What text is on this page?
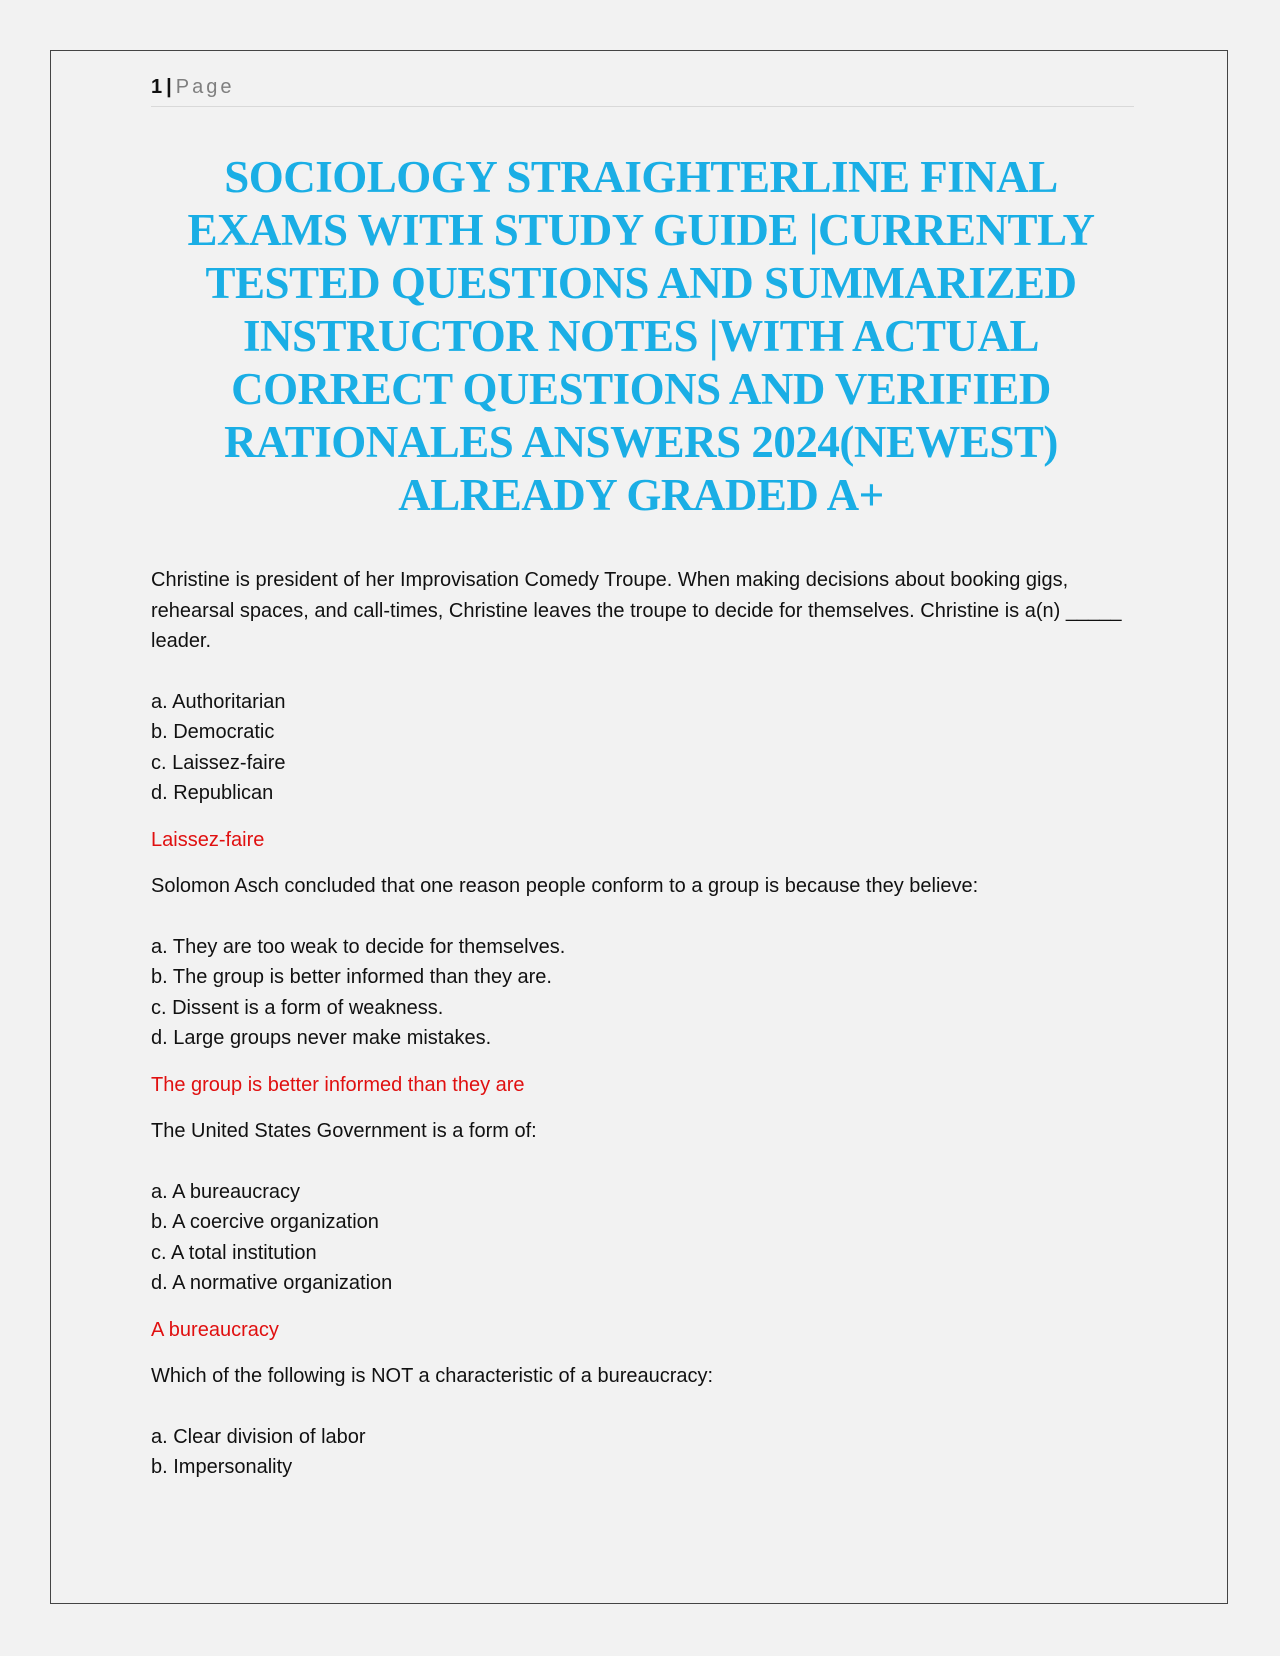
1 | Page
SOCIOLOGY STRAIGHTERLINE FINAL EXAMS WITH STUDY GUIDE |CURRENTLY TESTED QUESTIONS AND SUMMARIZED INSTRUCTOR NOTES |WITH ACTUAL CORRECT QUESTIONS AND VERIFIED RATIONALES ANSWERS 2024(NEWEST) ALREADY GRADED A+

Christine is president of her Improvisation Comedy Troupe. When making decisions about booking gigs, rehearsal spaces, and call-times, Christine leaves the troupe to decide for themselves. Christine is a(n) _____ leader.

a. Authoritarian
b. Democratic
c. Laissez-faire
d. Republican

Laissez-faire

Solomon Asch concluded that one reason people conform to a group is because they believe:

a. They are too weak to decide for themselves.
b. The group is better informed than they are.
c. Dissent is a form of weakness.
d. Large groups never make mistakes.

The group is better informed than they are

The United States Government is a form of:

a. A bureaucracy
b. A coercive organization
c. A total institution
d. A normative organization

A bureaucracy

Which of the following is NOT a characteristic of a bureaucracy:

a. Clear division of labor
b. Impersonality
